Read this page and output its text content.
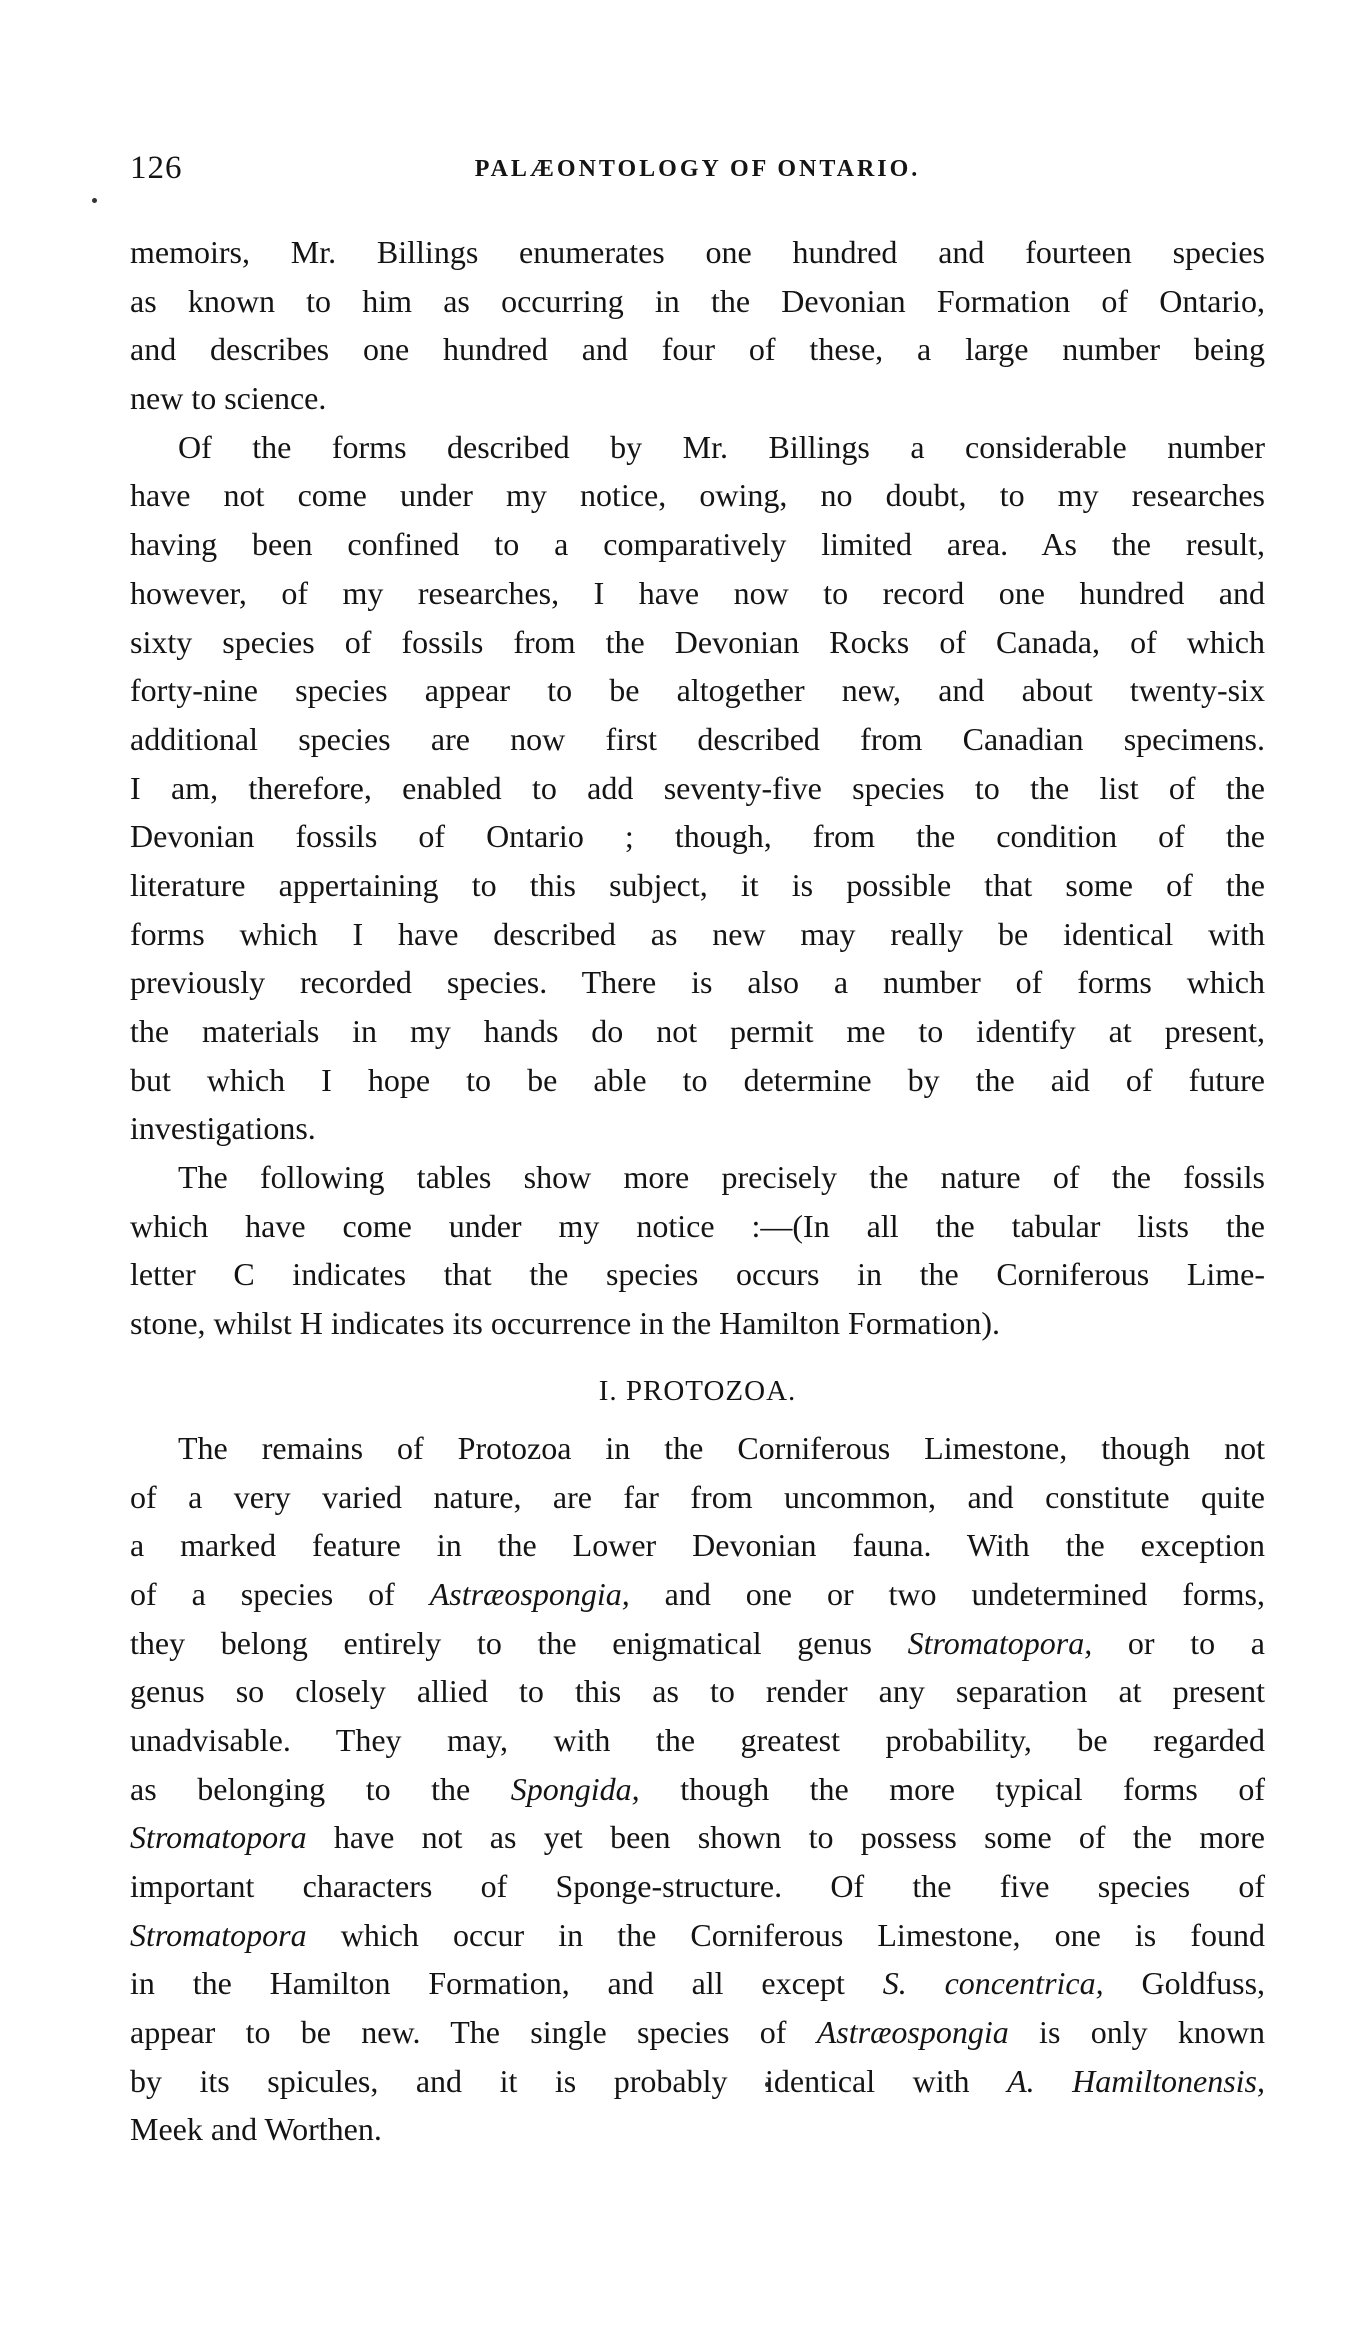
126	PALÆONTOLOGY OF ONTARIO.
memoirs, Mr. Billings enumerates one hundred and fourteen species
as known to him as occurring in the Devonian Formation of Ontario,
and describes one hundred and four of these, a large number being
new to science.
Of the forms described by Mr. Billings a considerable number
have not come under my notice, owing, no doubt, to my researches
having been confined to a comparatively limited area. As the result,
however, of my researches, I have now to record one hundred and
sixty species of fossils from the Devonian Rocks of Canada, of which
forty-nine species appear to be altogether new, and about twenty-six
additional species are now first described from Canadian specimens.
I am, therefore, enabled to add seventy-five species to the list of the
Devonian fossils of Ontario ; though, from the condition of the
literature appertaining to this subject, it is possible that some of the
forms which I have described as new may really be identical with
previously recorded species. There is also a number of forms which
the materials in my hands do not permit me to identify at present,
but which I hope to be able to determine by the aid of future
investigations.
The following tables show more precisely the nature of the fossils
which have come under my notice :—(In all the tabular lists the
letter C indicates that the species occurs in the Corniferous Lime-
stone, whilst H indicates its occurrence in the Hamilton Formation).
I. PROTOZOA.
The remains of Protozoa in the Corniferous Limestone, though not
of a very varied nature, are far from uncommon, and constitute quite
a marked feature in the Lower Devonian fauna. With the exception
of a species of Astræospongia, and one or two undetermined forms,
they belong entirely to the enigmatical genus Stromatopora, or to a
genus so closely allied to this as to render any separation at present
unadvisable. They may, with the greatest probability, be regarded
as belonging to the Spongida, though the more typical forms of
Stromatopora have not as yet been shown to possess some of the more
important characters of Sponge-structure. Of the five species of
Stromatopora which occur in the Corniferous Limestone, one is found
in the Hamilton Formation, and all except S. concentrica, Goldfuss,
appear to be new. The single species of Astræospongia is only known
by its spicules, and it is probably identical with A. Hamiltonensis,
Meek and Worthen.
